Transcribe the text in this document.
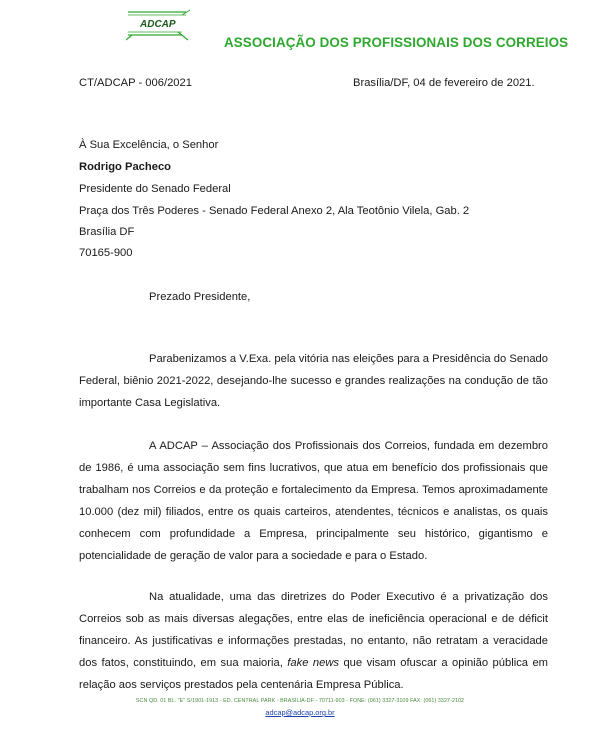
ADCAP
ASSOCIAÇÃO DOS PROFISSIONAIS DOS CORREIOS
CT/ADCAP - 006/2021	Brasília/DF, 04 de fevereiro de 2021.
À Sua Excelência, o Senhor
Rodrigo Pacheco
Presidente do Senado Federal
Praça dos Três Poderes - Senado Federal Anexo 2, Ala Teotônio Vilela, Gab. 2
Brasília DF
70165-900
Prezado Presidente,
Parabenizamos a V.Exa. pela vitória nas eleições para a Presidência do Senado Federal, biênio 2021-2022, desejando-lhe sucesso e grandes realizações na condução de tão importante Casa Legislativa.
A ADCAP – Associação dos Profissionais dos Correios, fundada em dezembro de 1986, é uma associação sem fins lucrativos, que atua em benefício dos profissionais que trabalham nos Correios e da proteção e fortalecimento da Empresa. Temos aproximadamente 10.000 (dez mil) filiados, entre os quais carteiros, atendentes, técnicos e analistas, os quais conhecem com profundidade a Empresa, principalmente seu histórico, gigantismo e potencialidade de geração de valor para a sociedade e para o Estado.
Na atualidade, uma das diretrizes do Poder Executivo é a privatização dos Correios sob as mais diversas alegações, entre elas de ineficiência operacional e de déficit financeiro. As justificativas e informações prestadas, no entanto, não retratam a veracidade dos fatos, constituindo, em sua maioria, fake news que visam ofuscar a opinião pública em relação aos serviços prestados pela centenária Empresa Pública.
SCN QD. 01 BL. "E" S/1901-1913 - ED. CENTRAL PARK - BRASÍLIA-DF - 70711-903 - FONE: (061) 3327-3109 FAX: (061) 3327-2102
adcap@adcap.org.br
